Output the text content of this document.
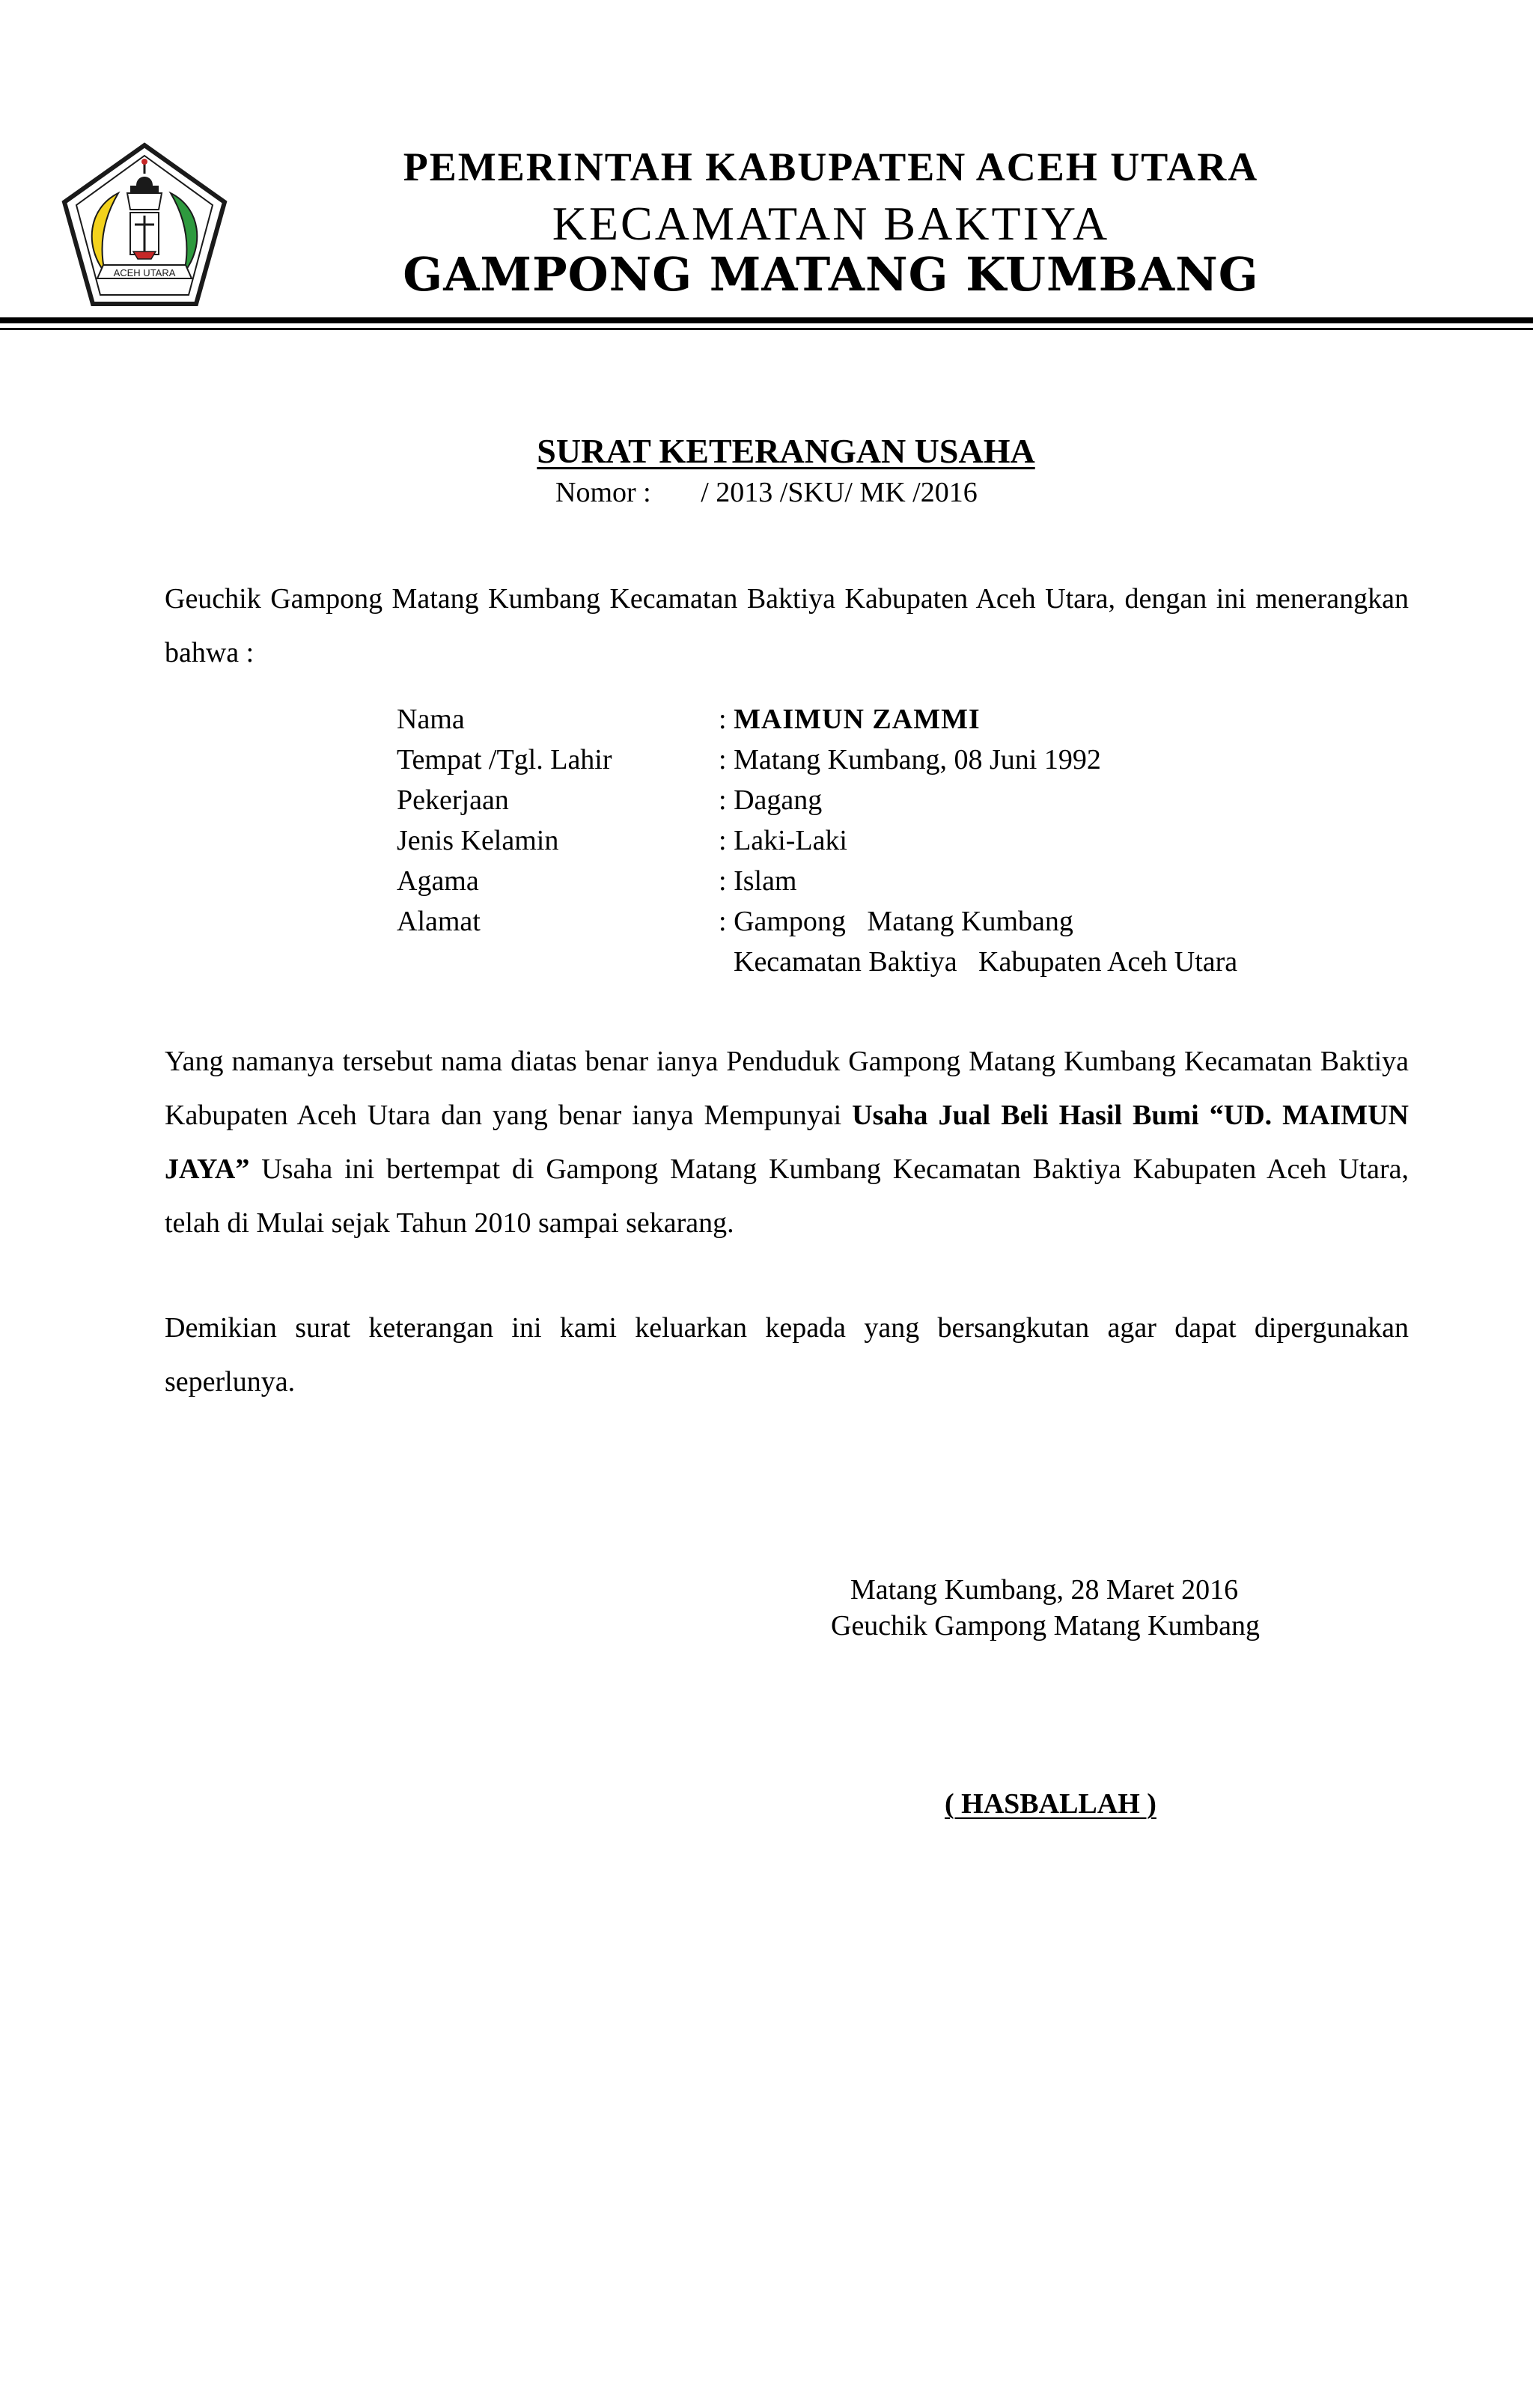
ACEH UTARA
PEMERINTAH KABUPATEN ACEH UTARA
KECAMATAN BAKTIYA
GAMPONG MATANG KUMBANG
SURAT KETERANGAN USAHA
Nomor :       / 2013 /SKU/ MK /2016
Geuchik Gampong Matang Kumbang Kecamatan Baktiya Kabupaten Aceh Utara, dengan ini menerangkan bahwa :
Nama	: MAIMUN ZAMMI
Tempat /Tgl. Lahir	: Matang Kumbang, 08 Juni 1992
Pekerjaan	: Dagang
Jenis Kelamin	: Laki-Laki
Agama	: Islam
Alamat	: Gampong   Matang Kumbang
Kecamatan Baktiya   Kabupaten Aceh Utara
Yang namanya tersebut nama diatas benar ianya Penduduk Gampong Matang Kumbang Kecamatan Baktiya Kabupaten Aceh Utara dan yang benar ianya Mempunyai Usaha Jual Beli Hasil Bumi “UD. MAIMUN JAYA” Usaha ini bertempat di Gampong Matang Kumbang Kecamatan Baktiya Kabupaten Aceh Utara, telah di Mulai sejak Tahun 2010 sampai sekarang.
Demikian surat keterangan ini kami keluarkan kepada yang bersangkutan agar dapat dipergunakan seperlunya.
Matang Kumbang, 28 Maret 2016
Geuchik Gampong Matang Kumbang
( HASBALLAH )
